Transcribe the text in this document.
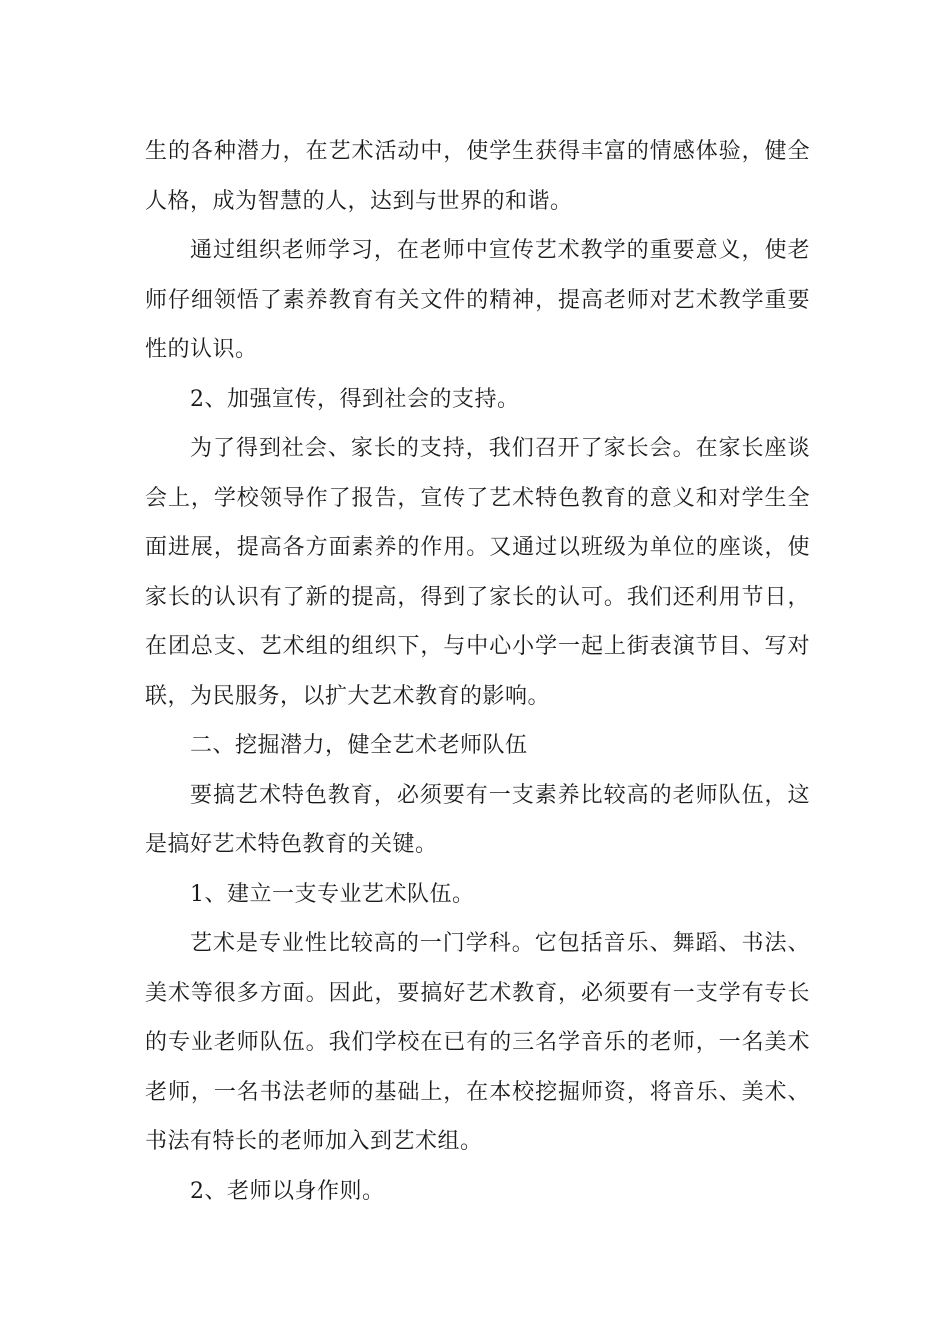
生的各种潜力，在艺术活动中，使学生获得丰富的情感体验，健全人格，成为智慧的人，达到与世界的和谐。

通过组织老师学习，在老师中宣传艺术教学的重要意义，使老师仔细领悟了素养教育有关文件的精神，提高老师对艺术教学重要性的认识。

2、加强宣传，得到社会的支持。

为了得到社会、家长的支持，我们召开了家长会。在家长座谈会上，学校领导作了报告，宣传了艺术特色教育的意义和对学生全面进展，提高各方面素养的作用。又通过以班级为单位的座谈，使家长的认识有了新的提高，得到了家长的认可。我们还利用节日，在团总支、艺术组的组织下，与中心小学一起上街表演节目、写对联，为民服务，以扩大艺术教育的影响。

二、挖掘潜力，健全艺术老师队伍

要搞艺术特色教育，必须要有一支素养比较高的老师队伍，这是搞好艺术特色教育的关键。

1、建立一支专业艺术队伍。

艺术是专业性比较高的一门学科。它包括音乐、舞蹈、书法、美术等很多方面。因此，要搞好艺术教育，必须要有一支学有专长的专业老师队伍。我们学校在已有的三名学音乐的老师，一名美术老师，一名书法老师的基础上，在本校挖掘师资，将音乐、美术、书法有特长的老师加入到艺术组。

2、老师以身作则。
